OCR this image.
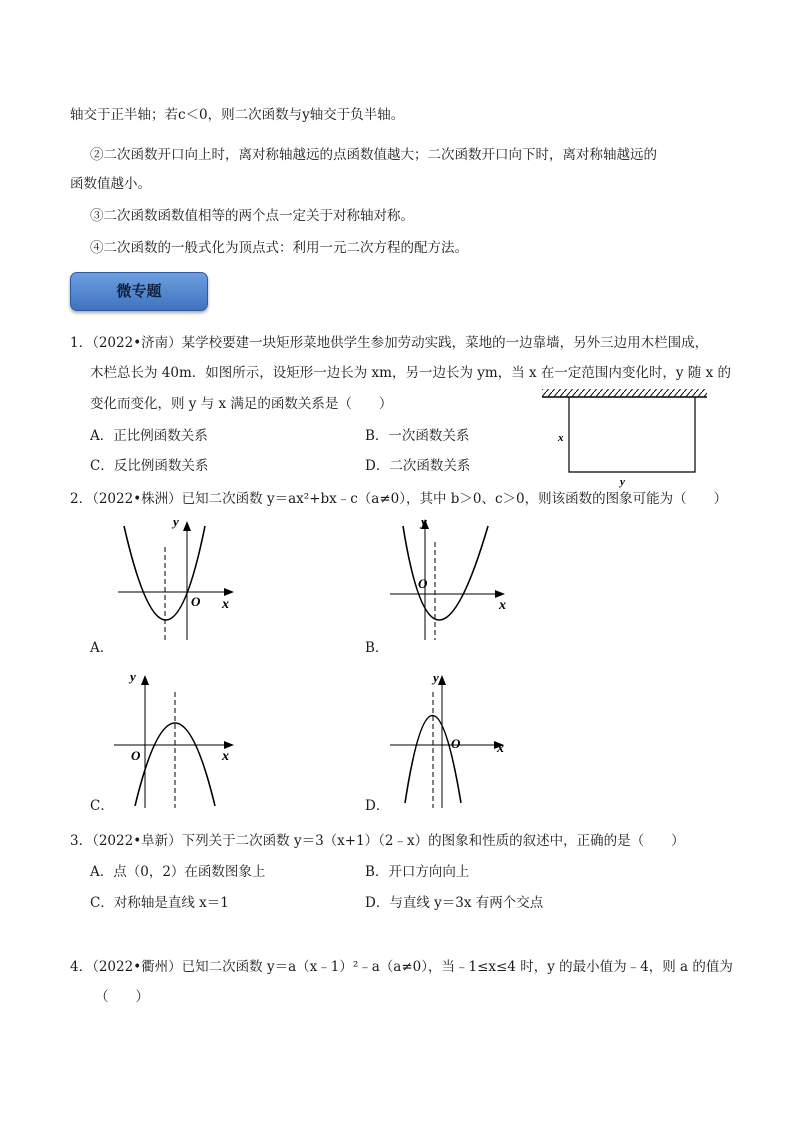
轴交于正半轴；若c＜0，则二次函数与y轴交于负半轴。
②二次函数开口向上时，离对称轴越远的点函数值越大；二次函数开口向下时，离对称轴越远的
函数值越小。
③二次函数函数值相等的两个点一定关于对称轴对称。
④二次函数的一般式化为顶点式：利用一元二次方程的配方法。
微专题
1．（2022•济南）某学校要建一块矩形菜地供学生参加劳动实践，菜地的一边靠墙，另外三边用木栏围成，
木栏总长为 40m．如图所示，设矩形一边长为 xm，另一边长为 ym，当 x 在一定范围内变化时，y 随 x 的
变化而变化，则 y 与 x 满足的函数关系是（　　）
A．正比例函数关系	B．一次函数关系
C．反比例函数关系	D．二次函数关系
x
y
2．（2022•株洲）已知二次函数 y＝ax²+bx﹣c（a≠0），其中 b＞0、c＞0，则该函数的图象可能为（　　）
y
x
O
A．
y
x
O
B．
y
x
O
C．
y
x
O
D．
3．（2022•阜新）下列关于二次函数 y＝3（x+1）（2﹣x）的图象和性质的叙述中，正确的是（　　）
A．点（0，2）在函数图象上	B．开口方向向上
C．对称轴是直线 x＝1	D．与直线 y＝3x 有两个交点
4．（2022•衢州）已知二次函数 y＝a（x﹣1）²﹣a（a≠0），当﹣1≤x≤4 时，y 的最小值为﹣4，则 a 的值为
（　　）
